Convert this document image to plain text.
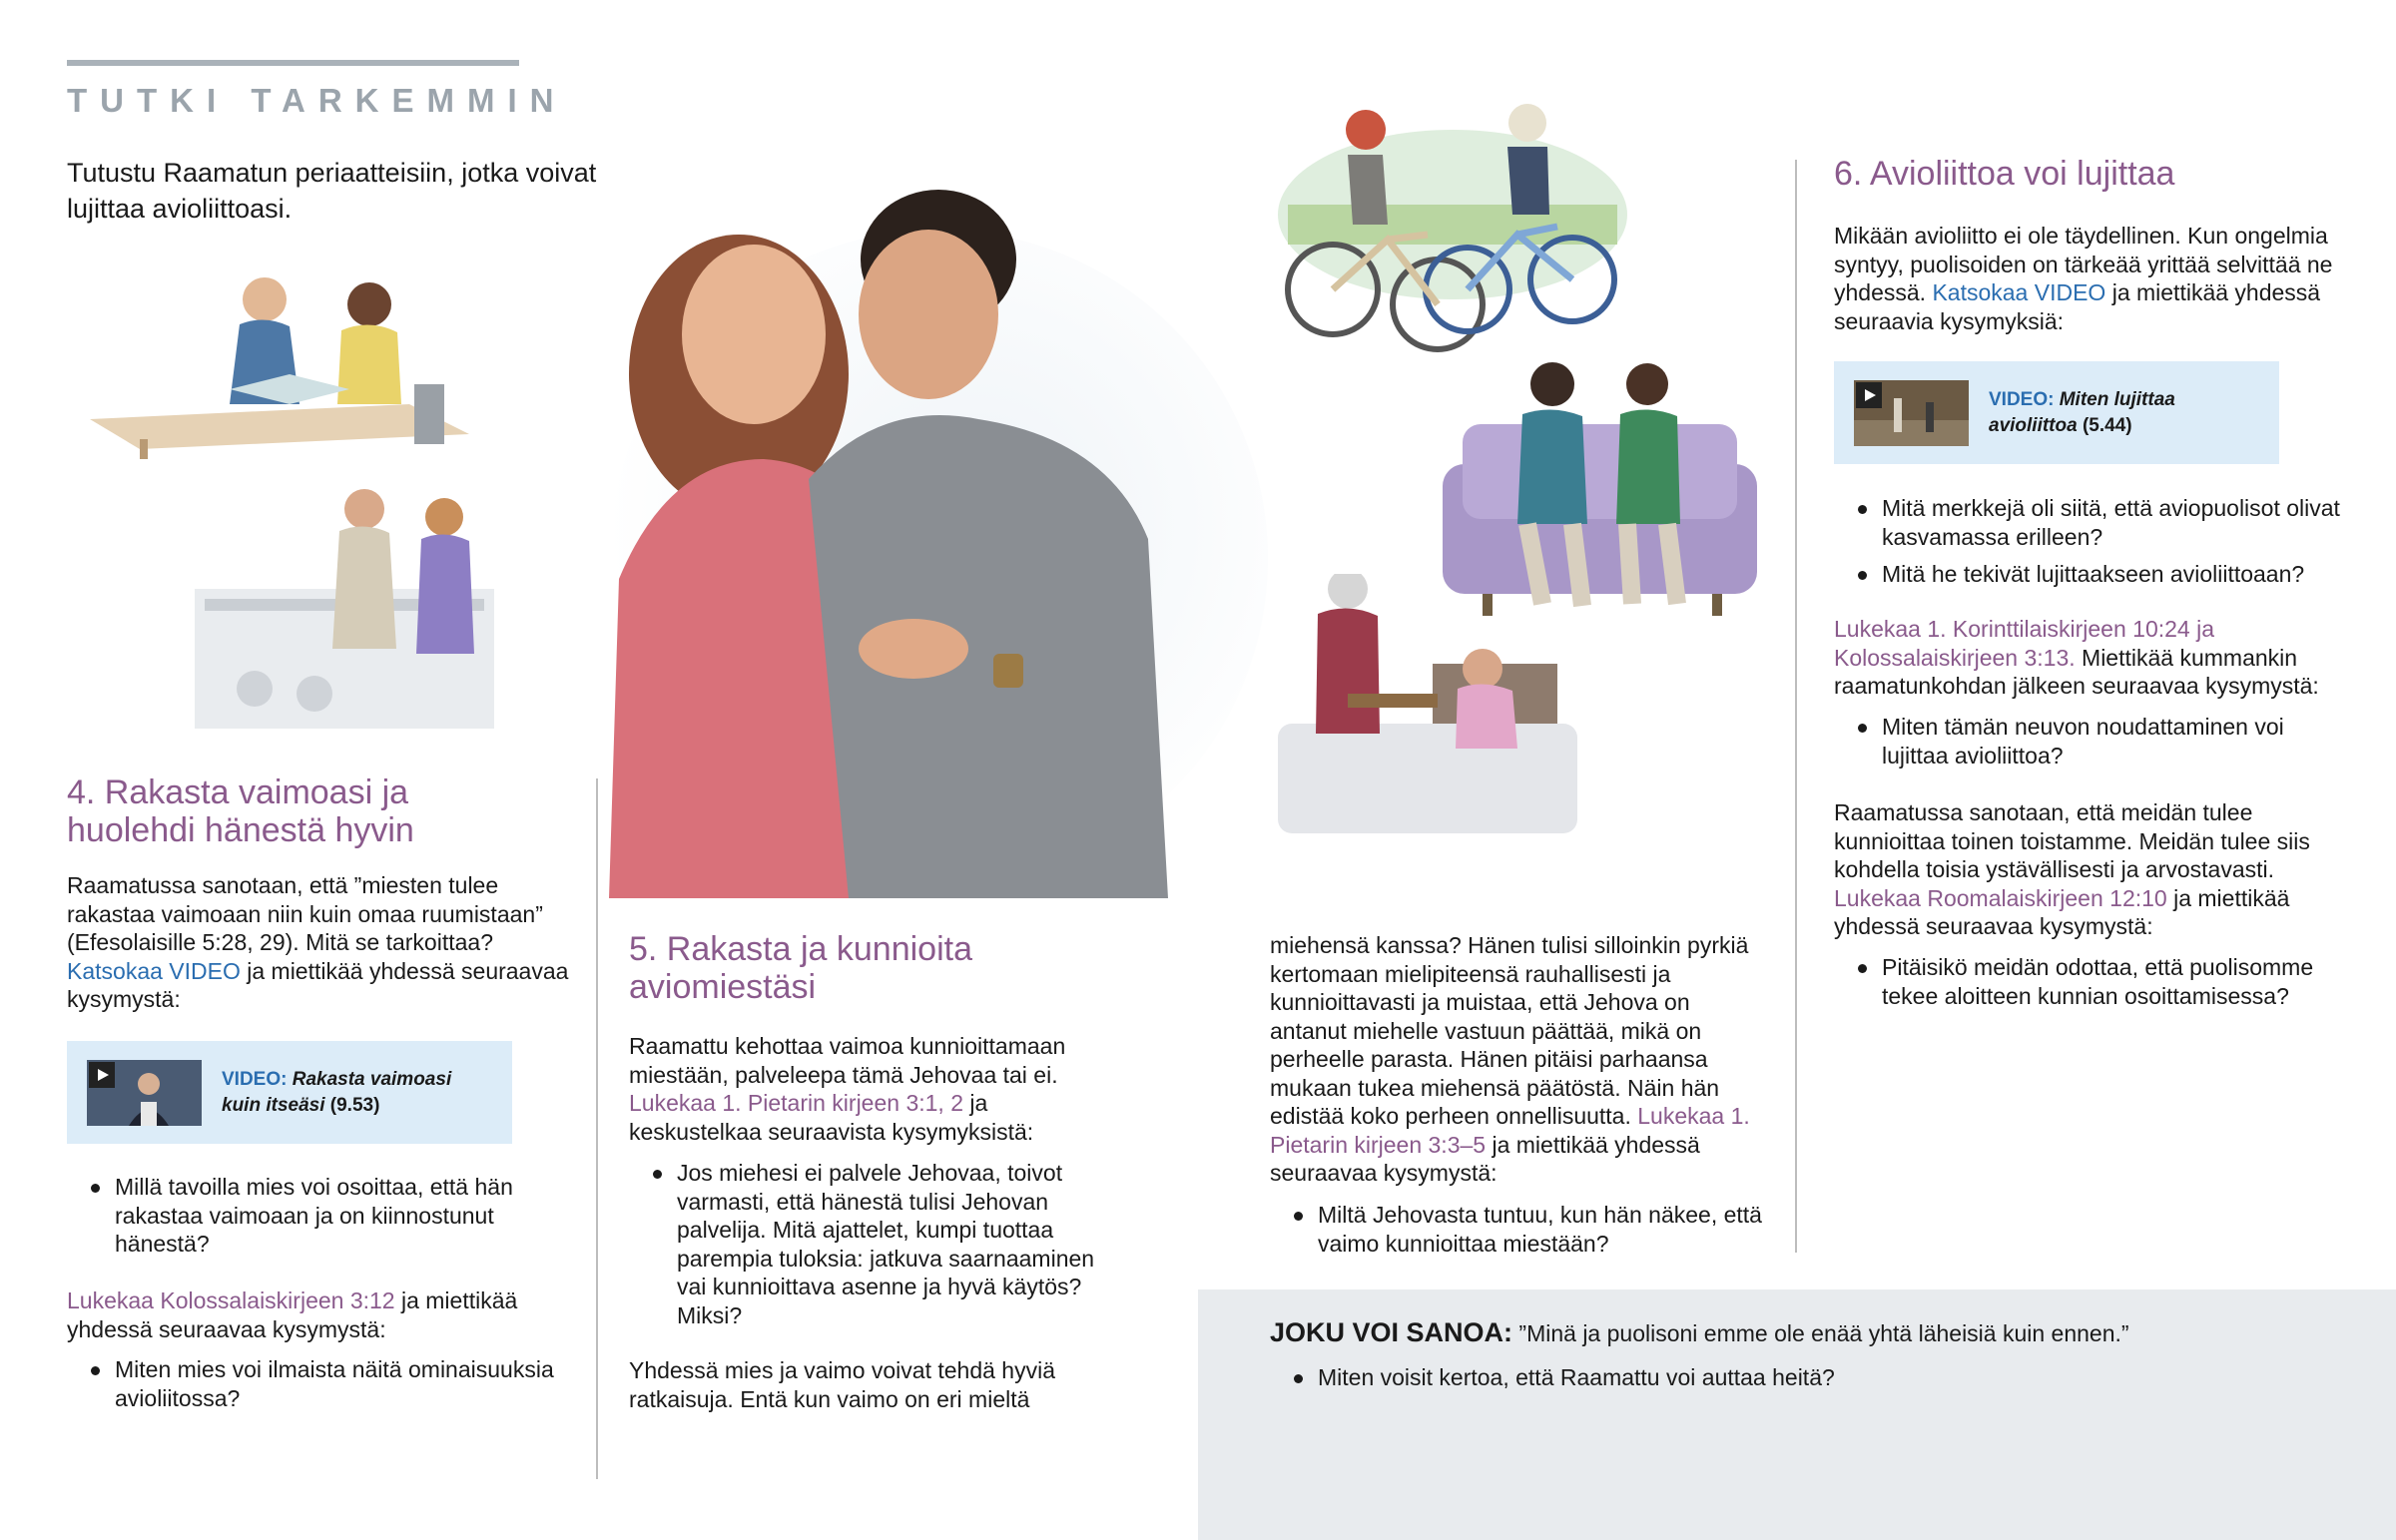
TUTKI TARKEMMIN

Tutustu Raamatun periaatteisiin, jotka voivat lujittaa avioliittoasi.

4. Rakasta vaimoasi ja huolehdi hänestä hyvin

Raamatussa sanotaan, että ”miesten tulee rakastaa vaimoaan niin kuin omaa ruumistaan” (Efesolaisille 5:28, 29). Mitä se tarkoittaa? Katsokaa VIDEO ja miettikää yhdessä seuraavaa kysymystä:

VIDEO: Rakasta vaimoasi kuin itseäsi (9.53)
Millä tavoilla mies voi osoittaa, että hän rakastaa vaimoaan ja on kiinnostunut hänestä?

Lukekaa Kolossalaiskirjeen 3:12 ja miettikää yhdessä seuraavaa kysymystä:

Miten mies voi ilmaista näitä ominaisuuksia avioliitossa?
5. Rakasta ja kunnioita aviomiestäsi

Raamattu kehottaa vaimoa kunnioittamaan miestään, palveleepa tämä Jehovaa tai ei. Lukekaa 1. Pietarin kirjeen 3:1, 2 ja keskustelkaa seuraavista kysymyksistä:

Jos miehesi ei palvele Jehovaa, toivot varmasti, että hänestä tulisi Jehovan palvelija. Mitä ajattelet, kumpi tuottaa parempia tuloksia: jatkuva saarnaaminen vai kunnioittava asenne ja hyvä käytös? Miksi?

Yhdessä mies ja vaimo voivat tehdä hyviä ratkaisuja. Entä kun vaimo on eri mieltä

miehensä kanssa? Hänen tulisi silloinkin pyrkiä kertomaan mielipiteensä rauhallisesti ja kunnioittavasti ja muistaa, että Jehova on antanut miehelle vastuun päättää, mikä on perheelle parasta. Hänen pitäisi parhaansa mukaan tukea miehensä päätöstä. Näin hän edistää koko perheen onnellisuutta. Lukekaa 1. Pietarin kirjeen 3:3–5 ja miettikää yhdessä seuraavaa kysymystä:

Miltä Jehovasta tuntuu, kun hän näkee, että vaimo kunnioittaa miestään?
6. Avioliittoa voi lujittaa

Mikään avioliitto ei ole täydellinen. Kun ongelmia syntyy, puolisoiden on tärkeää yrittää selvittää ne yhdessä. Katsokaa VIDEO ja miettikää yhdessä seuraavia kysymyksiä:

VIDEO: Miten lujittaa avioliittoa (5.44)
Mitä merkkejä oli siitä, että aviopuolisot olivat kasvamassa erilleen?
Mitä he tekivät lujittaakseen avioliittoaan?

Lukekaa 1. Korinttilaiskirjeen 10:24 ja Kolossalaiskirjeen 3:13. Miettikää kummankin raamatunkohdan jälkeen seuraavaa kysymystä:

Miten tämän neuvon noudattaminen voi lujittaa avioliittoa?

Raamatussa sanotaan, että meidän tulee kunnioittaa toinen toistamme. Meidän tulee siis kohdella toisia ystävällisesti ja arvostavasti. Lukekaa Roomalaiskirjeen 12:10 ja miettikää yhdessä seuraavaa kysymystä:

Pitäisikö meidän odottaa, että puolisomme tekee aloitteen kunnian osoittamisessa?

JOKU VOI SANOA: ”Minä ja puolisoni emme ole enää yhtä läheisiä kuin ennen.”

Miten voisit kertoa, että Raamattu voi auttaa heitä?
